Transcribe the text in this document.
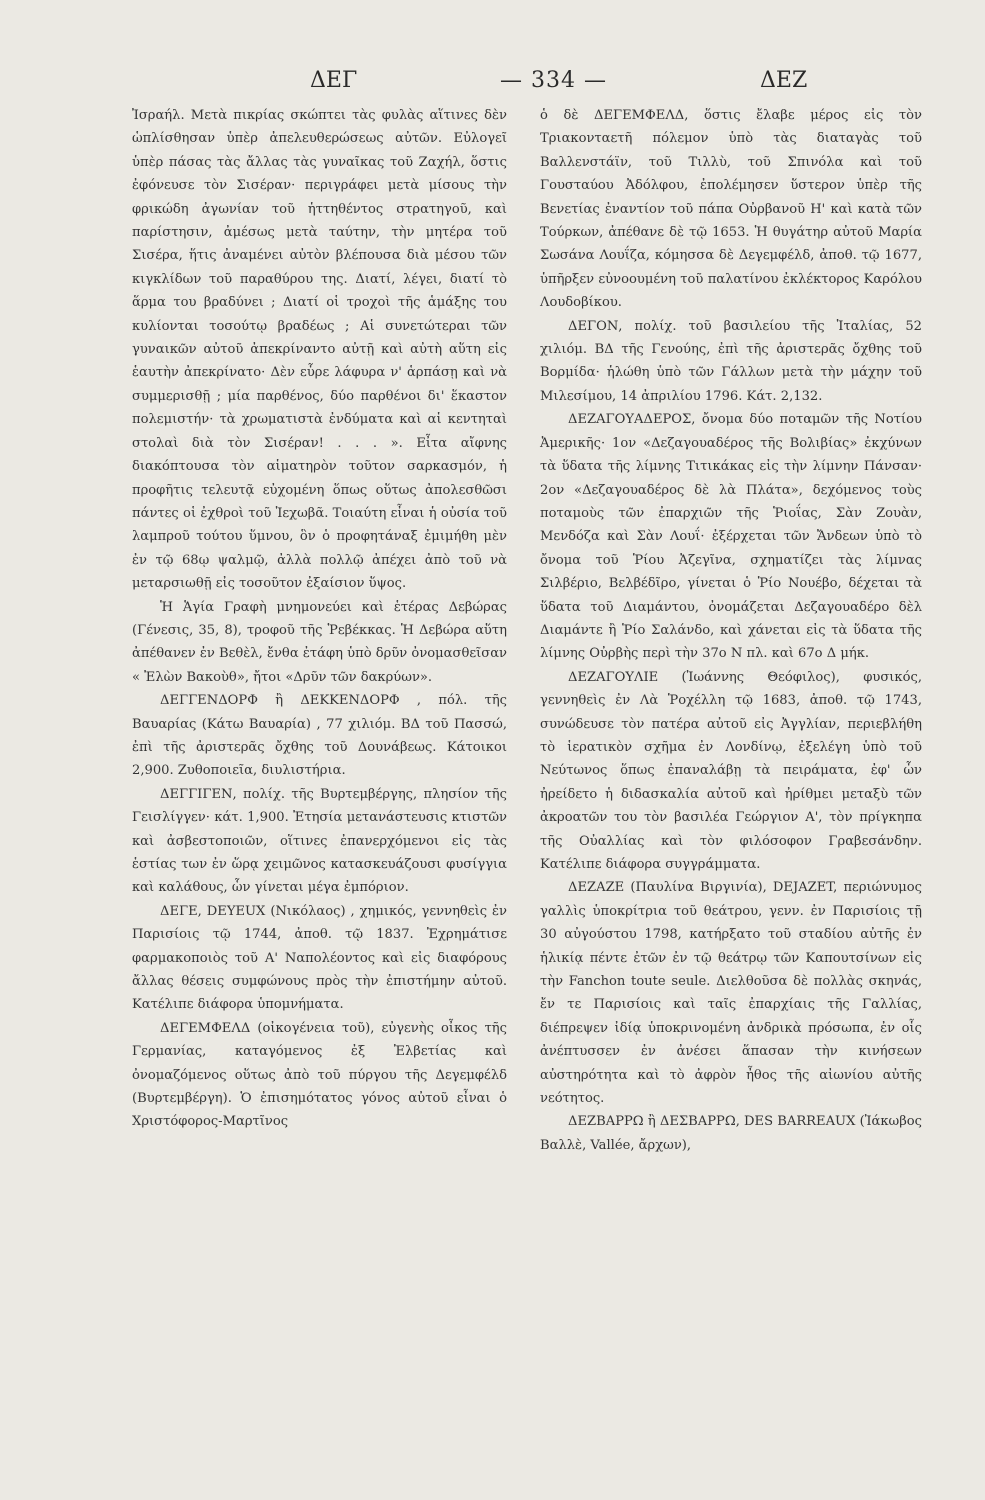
ΔΕΓ	— 334 —	ΔΕΖ

Ἰσραήλ. Μετὰ πικρίας σκώπτει τὰς φυλὰς αἵτινες δὲν ὡπλίσθησαν ὑπὲρ ἀπελευθερώσεως αὐτῶν. Εὐλογεῖ ὑπὲρ πάσας τὰς ἄλλας τὰς γυναῖκας τοῦ Ζαχήλ, ὅστις ἐφόνευσε τὸν Σισέραν· περιγράφει μετὰ μίσους τὴν φρικώδη ἀγωνίαν τοῦ ἡττηθέντος στρατηγοῦ, καὶ παρίστησιν, ἀμέσως μετὰ ταύτην, τὴν μητέρα τοῦ Σισέρα, ἥτις ἀναμένει αὐτὸν βλέπουσα διὰ μέσου τῶν κιγκλίδων τοῦ παραθύρου της. Διατί, λέγει, διατί τὸ ἅρμα του βραδύνει ; Διατί οἱ τροχοὶ τῆς ἁμάξης του κυλίονται τοσούτῳ βραδέως ; Αἱ συνετώτεραι τῶν γυναικῶν αὐτοῦ ἀπεκρίναντο αὐτῇ καὶ αὐτὴ αὕτη εἰς ἑαυτὴν ἀπεκρίνατο· Δὲν εὗρε λάφυρα ν' ἁρπάσῃ καὶ νὰ συμμερισθῇ ; μία παρθένος, δύο παρθένοι δι' ἕκαστον πολεμιστήν· τὰ χρωματιστὰ ἐνδύματα καὶ αἱ κεντηταὶ στολαὶ διὰ τὸν Σισέραν! . . . ». Εἶτα αἴφνης διακόπτουσα τὸν αἱματηρὸν τοῦτον σαρκασμόν, ἡ προφῆτις τελευτᾷ εὐχομένη ὅπως οὕτως ἀπολεσθῶσι πάντες οἱ ἐχθροὶ τοῦ Ἰεχωβᾶ. Τοιαύτη εἶναι ἡ οὐσία τοῦ λαμπροῦ τούτου ὕμνου, ὃν ὁ προφητάναξ ἐμιμήθη μὲν ἐν τῷ 68ῳ ψαλμῷ, ἀλλὰ πολλῷ ἀπέχει ἀπὸ τοῦ νὰ μεταρσιωθῇ εἰς τοσοῦτον ἐξαίσιον ὕψος.

Ἡ Ἁγία Γραφὴ μνημονεύει καὶ ἑτέρας Δεβώρας (Γένεσις, 35, 8), τροφοῦ τῆς Ῥεβέκκας. Ἡ Δεβώρα αὕτη ἀπέθανεν ἐν Βεθὲλ, ἔνθα ἐτάφη ὑπὸ δρῦν ὀνομασθεῖσαν « Ἐλὼν Βακοὺθ», ἤτοι «Δρῦν τῶν δακρύων».

ΔΕΓΓΕΝΔΟΡΦ ἢ ΔΕΚΚΕΝΔΟΡΦ , πόλ. τῆς Βαυαρίας (Κάτω Βαυαρία) , 77 χιλιόμ. ΒΔ τοῦ Πασσώ, ἐπὶ τῆς ἀριστερᾶς ὄχθης τοῦ Δουνάβεως. Κάτοικοι 2,900. Ζυθοποιεῖα, διυλιστήρια.

ΔΕΓΓΙΓΕΝ, πολίχ. τῆς Βυρτεμβέργης, πλησίον τῆς Γεισλίγγεν· κάτ. 1,900. Ἐτησία μετανάστευσις κτιστῶν καὶ ἀσβεστοποιῶν, οἵτινες ἐπανερχόμενοι εἰς τὰς ἑστίας των ἐν ὥρᾳ χειμῶνος κατασκευάζουσι φυσίγγια καὶ καλάθους, ὧν γίνεται μέγα ἐμπόριον.

ΔΕΓΕ, DEYEUX (Νικόλαος) , χημικός, γεννηθεὶς ἐν Παρισίοις τῷ 1744, ἀποθ. τῷ 1837. Ἐχρημάτισε φαρμακοποιὸς τοῦ Α' Ναπολέοντος καὶ εἰς διαφόρους ἄλλας θέσεις συμφώνους πρὸς τὴν ἐπιστήμην αὐτοῦ. Κατέλιπε διάφορα ὑπομνήματα.

ΔΕΓΕΜΦΕΛΔ (οἰκογένεια τοῦ), εὐγενὴς οἶκος τῆς Γερμανίας, καταγόμενος ἐξ Ἐλβετίας καὶ ὀνομαζόμενος οὕτως ἀπὸ τοῦ πύργου τῆς Δεγεμφέλδ (Βυρτεμβέργη). Ὁ ἐπισημότατος γόνος αὐτοῦ εἶναι ὁ Χριστόφορος-Μαρτῖνος

ὁ δὲ ΔΕΓΕΜΦΕΛΔ, ὅστις ἔλαβε μέρος εἰς τὸν Τριακονταετῆ πόλεμον ὑπὸ τὰς διαταγὰς τοῦ Βαλλενστάϊν, τοῦ Τιλλὺ, τοῦ Σπινόλα καὶ τοῦ Γουσταύου Ἀδόλφου, ἐπολέμησεν ὕστερον ὑπὲρ τῆς Βενετίας ἐναντίον τοῦ πάπα Οὐρβανοῦ Η' καὶ κατὰ τῶν Τούρκων, ἀπέθανε δὲ τῷ 1653. Ἡ θυγάτηρ αὐτοῦ Μαρία Σωσάνα Λουΐζα, κόμησσα δὲ Δεγεμφέλδ, ἀποθ. τῷ 1677, ὑπῆρξεν εὐνοουμένη τοῦ παλατίνου ἐκλέκτορος Καρόλου Λουδοβίκου.

ΔΕΓΟΝ, πολίχ. τοῦ βασιλείου τῆς Ἰταλίας, 52 χιλιόμ. ΒΔ τῆς Γενούης, ἐπὶ τῆς ἀριστερᾶς ὄχθης τοῦ Βορμίδα· ἡλώθη ὑπὸ τῶν Γάλλων μετὰ τὴν μάχην τοῦ Μιλεσίμου, 14 ἀπριλίου 1796. Κάτ. 2,132.

ΔΕΖΑΓΟΥΑΔΕΡΟΣ, ὄνομα δύο ποταμῶν τῆς Νοτίου Ἀμερικῆς· 1ον «Δεζαγουαδέρος τῆς Βολιβίας» ἐκχύνων τὰ ὕδατα τῆς λίμνης Τιτικάκας εἰς τὴν λίμνην Πάνσαν· 2ον «Δεζαγουαδέρος δὲ λὰ Πλάτα», δεχόμενος τοὺς ποταμοὺς τῶν ἐπαρχιῶν τῆς Ῥιοΐας, Σὰν Ζουὰν, Μενδόζα καὶ Σὰν Λουΐ· ἐξέρχεται τῶν Ἄνδεων ὑπὸ τὸ ὄνομα τοῦ Ῥίου Ἀζεγῖνα, σχηματίζει τὰς λίμνας Σιλβέριο, Βελβέδῖρο, γίνεται ὁ Ῥίο Νουέβο, δέχεται τὰ ὕδατα τοῦ Διαμάντου, ὀνομάζεται Δεζαγουαδέρο δὲλ Διαμάντε ἢ Ῥίο Σαλάνδο, καὶ χάνεται εἰς τὰ ὕδατα τῆς λίμνης Οὐρβὴς περὶ τὴν 37ο Ν πλ. καὶ 67ο Δ μήκ.

ΔΕΖΑΓΟΥΛΙΕ (Ἰωάννης Θεόφιλος), φυσικός, γεννηθεὶς ἐν Λὰ Ῥοχέλλη τῷ 1683, ἀποθ. τῷ 1743, συνώδευσε τὸν πατέρα αὐτοῦ εἰς Ἀγγλίαν, περιεβλήθη τὸ ἱερατικὸν σχῆμα ἐν Λονδίνῳ, ἐξελέγη ὑπὸ τοῦ Νεύτωνος ὅπως ἐπαναλάβῃ τὰ πειράματα, ἐφ' ὧν ἠρείδετο ἡ διδασκαλία αὐτοῦ καὶ ἠρίθμει μεταξὺ τῶν ἀκροατῶν του τὸν βασιλέα Γεώργιον Α', τὸν πρίγκηπα τῆς Οὐαλλίας καὶ τὸν φιλόσοφον Γραβεσάνδην. Κατέλιπε διάφορα συγγράμματα.

ΔΕΖΑΖΕ (Παυλίνα Βιργινία), DEJAZET, περιώνυμος γαλλὶς ὑποκρίτρια τοῦ θεάτρου, γενν. ἐν Παρισίοις τῇ 30 αὐγούστου 1798, κατήρξατο τοῦ σταδίου αὐτῆς ἐν ἡλικίᾳ πέντε ἐτῶν ἐν τῷ θεάτρῳ τῶν Καπουτσίνων εἰς τὴν Fanchon toute seule. Διελθοῦσα δὲ πολλὰς σκηνάς, ἔν τε Παρισίοις καὶ ταῖς ἐπαρχίαις τῆς Γαλλίας, διέπρεψεν ἰδίᾳ ὑποκρινομένη ἀνδρικὰ πρόσωπα, ἐν οἷς ἀνέπτυσσεν ἐν ἀνέσει ἅπασαν τὴν κινήσεων αὐστηρότητα καὶ τὸ ἀφρὸν ἦθος τῆς αἰωνίου αὐτῆς νεότητος.

ΔΕΖΒΑΡΡΩ ἢ ΔΕΣΒΑΡΡΩ, DES BARREAUX (Ἰάκωβος Βαλλὲ, Vallée, ἄρχων),
